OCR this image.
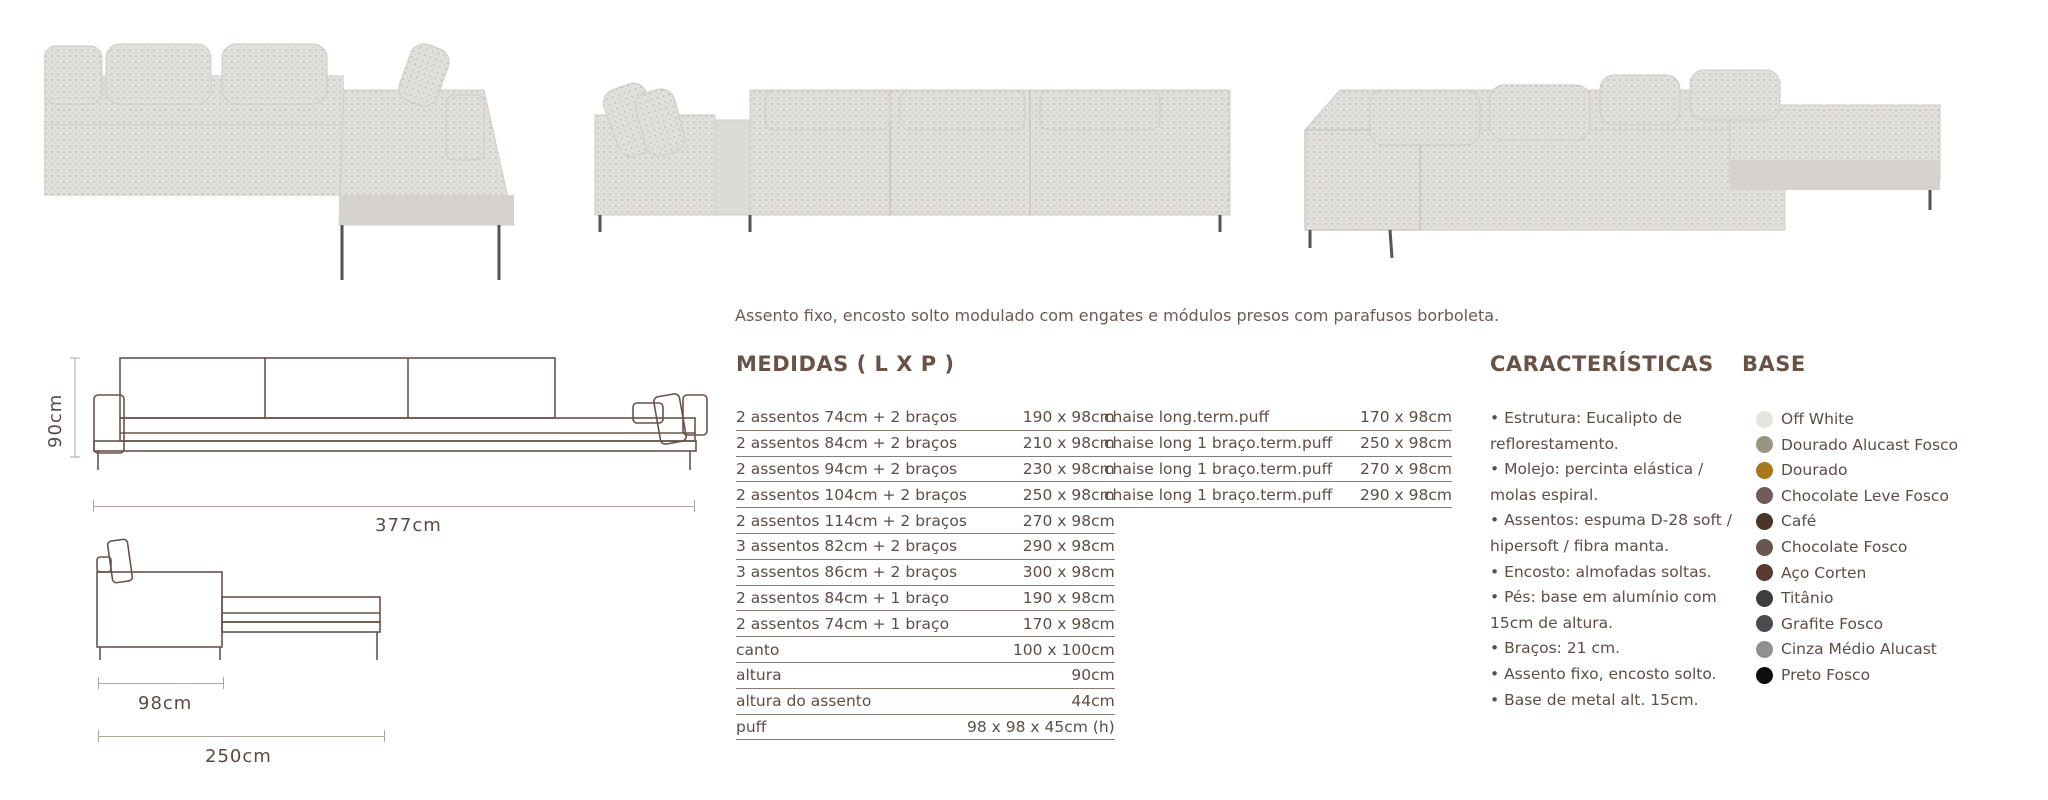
377cm
90cm
98cm
250cm
Assento fixo, encosto solto modulado com engates e módulos presos com parafusos borboleta.
MEDIDAS ( L X P )
2 assentos 74cm + 2 braços	190 x 98cm
2 assentos 84cm + 2 braços	210 x 98cm
2 assentos 94cm + 2 braços	230 x 98cm
2 assentos 104cm + 2 braços	250 x 98cm
2 assentos 114cm + 2 braços	270 x 98cm
3 assentos 82cm + 2 braços	290 x 98cm
3 assentos 86cm + 2 braços	300 x 98cm
2 assentos 84cm + 1 braço	190 x 98cm
2 assentos 74cm + 1 braço	170 x 98cm
canto	100 x 100cm
altura	90cm
altura do assento	44cm
puff	98 x 98 x 45cm (h)
chaise long.term.puff	170 x 98cm
chaise long 1 braço.term.puff	250 x 98cm
chaise long 1 braço.term.puff	270 x 98cm
chaise long 1 braço.term.puff	290 x 98cm
CARACTERÍSTICAS
• Estrutura: Eucalipto de reflorestamento.
• Molejo: percinta elástica / molas espiral.
• Assentos: espuma D-28 soft / hipersoft / fibra manta.
• Encosto: almofadas soltas.
• Pés: base em alumínio com 15cm de altura.
• Braços: 21 cm.
• Assento fixo, encosto solto.
• Base de metal alt. 15cm.
BASE
Off White
Dourado Alucast Fosco
Dourado
Chocolate Leve Fosco
Café
Chocolate Fosco
Aço Corten
Titânio
Grafite Fosco
Cinza Médio Alucast
Preto Fosco
